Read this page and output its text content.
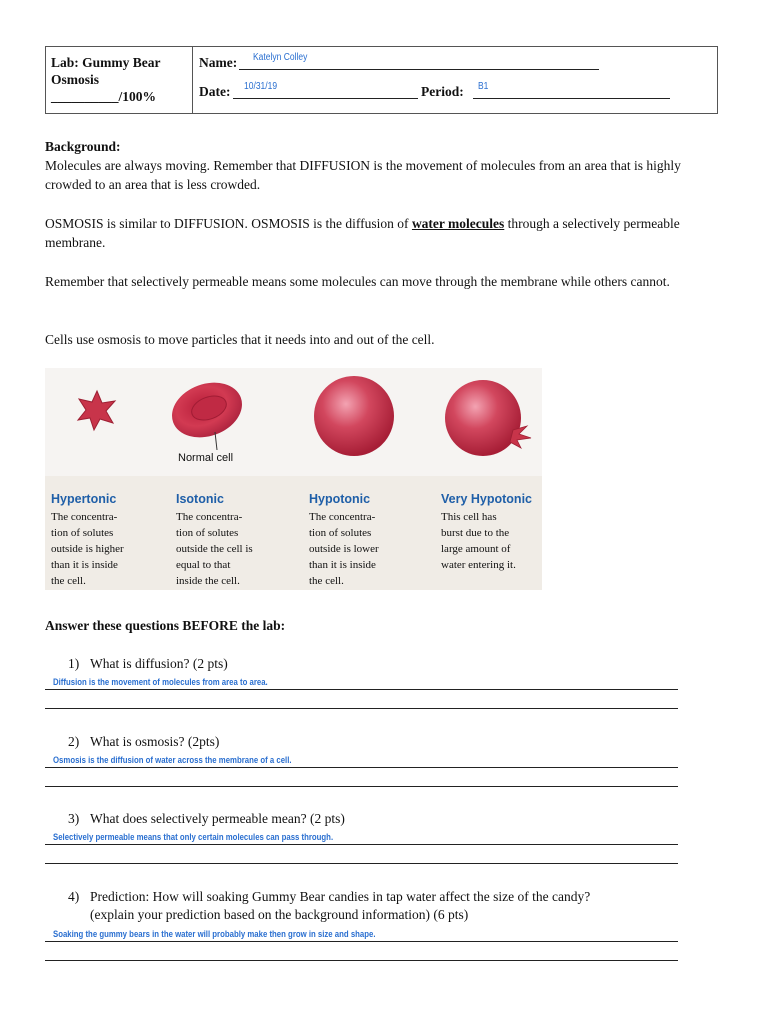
Lab: Gummy Bear
Osmosis
__________/100%
Name: Katelyn Colley
Date: 10/31/19	Period: B1
Background:
Molecules are always moving. Remember that DIFFUSION is the movement of molecules from an area that is highly crowded to an area that is less crowded.
OSMOSIS is similar to DIFFUSION. OSMOSIS is the diffusion of water molecules through a selectively permeable membrane.
Remember that selectively permeable means some molecules can move through the membrane while others cannot.
Cells use osmosis to move particles that it needs into and out of the cell.
Normal cell
Hypertonic
The concentra-
tion of solutes
outside is higher
than it is inside
the cell.
Isotonic
The concentra-
tion of solutes
outside the cell is
equal to that
inside the cell.
Hypotonic
The concentra-
tion of solutes
outside is lower
than it is inside
the cell.
Very Hypotonic
This cell has
burst due to the
large amount of
water entering it.
Answer these questions BEFORE the lab:
1) What is diffusion? (2 pts)
Diffusion is the movement of molecules from area to area.
2) What is osmosis? (2pts)
Osmosis is the diffusion of water across the membrane of a cell.
3) What does selectively permeable mean? (2 pts)
Selectively permeable means that only certain molecules can pass through.
4) Prediction: How will soaking Gummy Bear candies in tap water affect the size of the candy?
(explain your prediction based on the background information) (6 pts)
Soaking the gummy bears in the water will probably make then grow in size and shape.
